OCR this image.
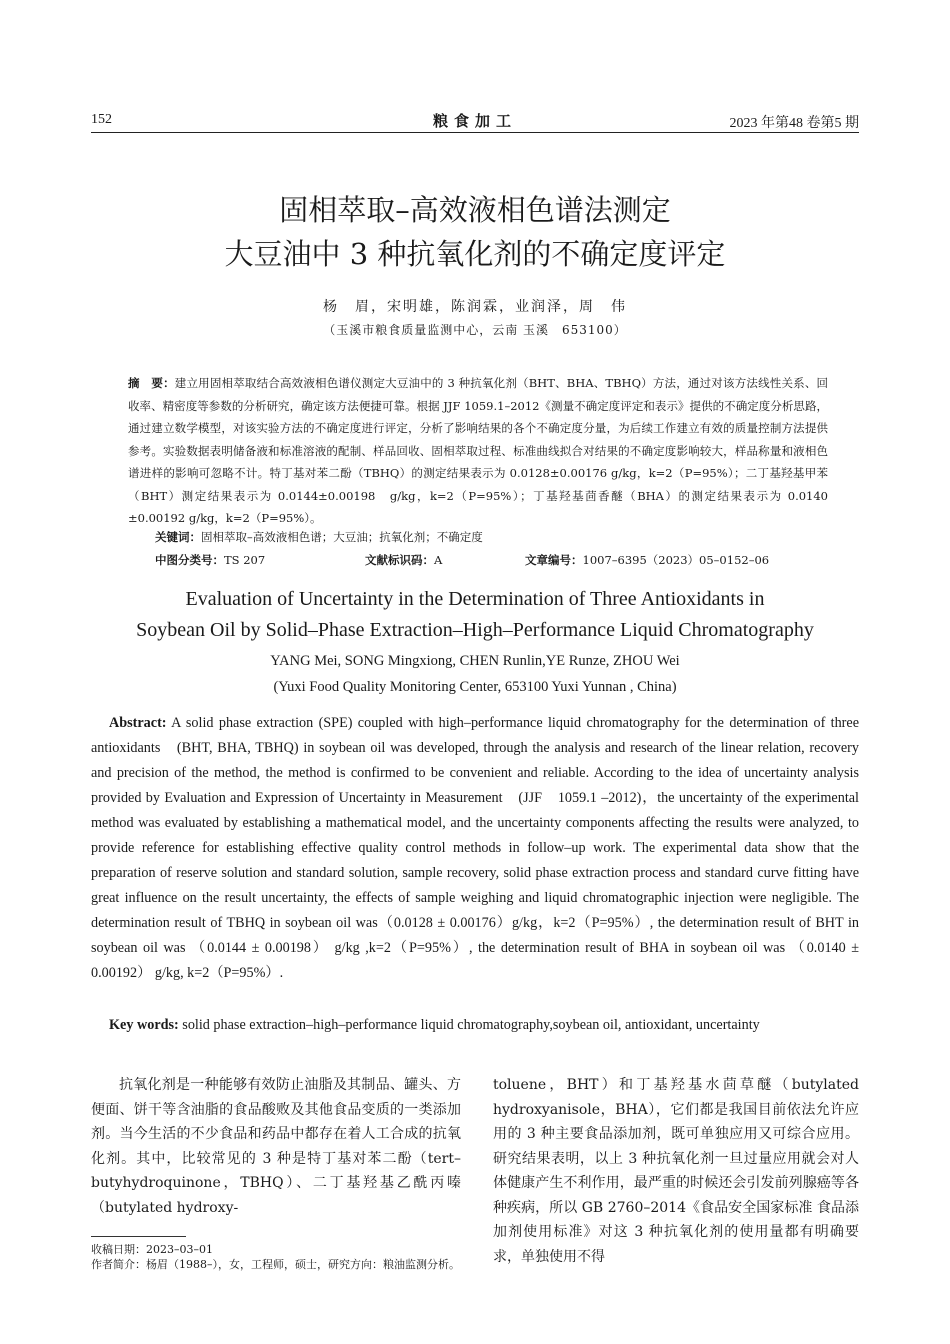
152	粮食加工	2023 年第48 卷第5 期
固相萃取–高效液相色谱法测定
大豆油中 3 种抗氧化剂的不确定度评定
杨　眉，宋明雄，陈润霖，业润泽，周　伟
（玉溪市粮食质量监测中心，云南 玉溪　653100）
摘　要：建立用固相萃取结合高效液相色谱仪测定大豆油中的 3 种抗氧化剂（BHT、BHA、TBHQ）方法，通过对该方法线性关系、回收率、精密度等参数的分析研究，确定该方法便捷可靠。根据 JJF 1059.1–2012《测量不确定度评定和表示》提供的不确定度分析思路，通过建立数学模型，对该实验方法的不确定度进行评定，分析了影响结果的各个不确定度分量，为后续工作建立有效的质量控制方法提供参考。实验数据表明储备液和标准溶液的配制、样品回收、固相萃取过程、标准曲线拟合对结果的不确定度影响较大，样品称量和液相色谱进样的影响可忽略不计。特丁基对苯二酚（TBHQ）的测定结果表示为 0.0128±0.00176 g/kg，k=2（P=95%）；二丁基羟基甲苯（BHT）测定结果表示为 0.0144±0.00198　g/kg，k=2（P=95%）；丁基羟基茴香醚（BHA）的测定结果表示为 0.0140 ±0.00192 g/kg，k=2（P=95%）。
关键词：固相萃取–高效液相色谱；大豆油；抗氧化剂；不确定度
中图分类号：TS 207	文献标识码：A	文章编号：1007–6395（2023）05–0152–06
Evaluation of Uncertainty in the Determination of Three Antioxidants in
Soybean Oil by Solid–Phase Extraction–High–Performance Liquid Chromatography
YANG Mei, SONG Mingxiong, CHEN Runlin,YE Runze, ZHOU Wei
(Yuxi Food Quality Monitoring Center, 653100 Yuxi Yunnan , China)
Abstract: A solid phase extraction (SPE) coupled with high–performance liquid chromatography for the determination of three antioxidants　(BHT, BHA, TBHQ) in soybean oil was developed, through the analysis and research of the linear relation, recovery and precision of the method, the method is confirmed to be convenient and reliable. According to the idea of uncertainty analysis provided by Evaluation and Expression of Uncertainty in Measurement　(JJF　1059.1 –2012)，the uncertainty of the experimental method was evaluated by establishing a mathematical model, and the uncertainty components affecting the results were analyzed, to provide reference for establishing effective quality control methods in follow–up work. The experimental data show that the preparation of reserve solution and standard solution, sample recovery, solid phase extraction process and standard curve fitting have great influence on the result uncertainty, the effects of sample weighing and liquid chromatographic injection were negligible. The determination result of TBHQ in soybean oil was（0.0128 ± 0.00176）g/kg，k=2（P=95%）, the determination result of BHT in soybean oil was （0.0144 ± 0.00198） g/kg ,k=2（P=95%）, the determination result of BHA in soybean oil was （0.0140 ± 0.00192） g/kg, k=2（P=95%）.
Key words: solid phase extraction–high–performance liquid chromatography,soybean oil, antioxidant, uncertainty
抗氧化剂是一种能够有效防止油脂及其制品、罐头、方便面、饼干等含油脂的食品酸败及其他食品变质的一类添加剂。当今生活的不少食品和药品中都存在着人工合成的抗氧化剂。其中，比较常见的 3 种是特丁基对苯二酚（tert–butyhydroquinone，TBHQ）、二丁基羟基乙酰丙嗪（butylated hydroxy-
收稿日期：2023–03–01
作者简介：杨眉（1988–），女，工程师，硕士，研究方向：粮油监测分析。
toluene，BHT）和丁基羟基水茴草醚（butylated hydroxyanisole，BHA），它们都是我国目前依法允许应用的 3 种主要食品添加剂，既可单独应用又可综合应用。研究结果表明，以上 3 种抗氧化剂一旦过量应用就会对人体健康产生不利作用，最严重的时候还会引发前列腺癌等各种疾病，所以 GB 2760–2014《食品安全国家标准 食品添加剂使用标准》对这 3 种抗氧化剂的使用量都有明确要求，单独使用不得
